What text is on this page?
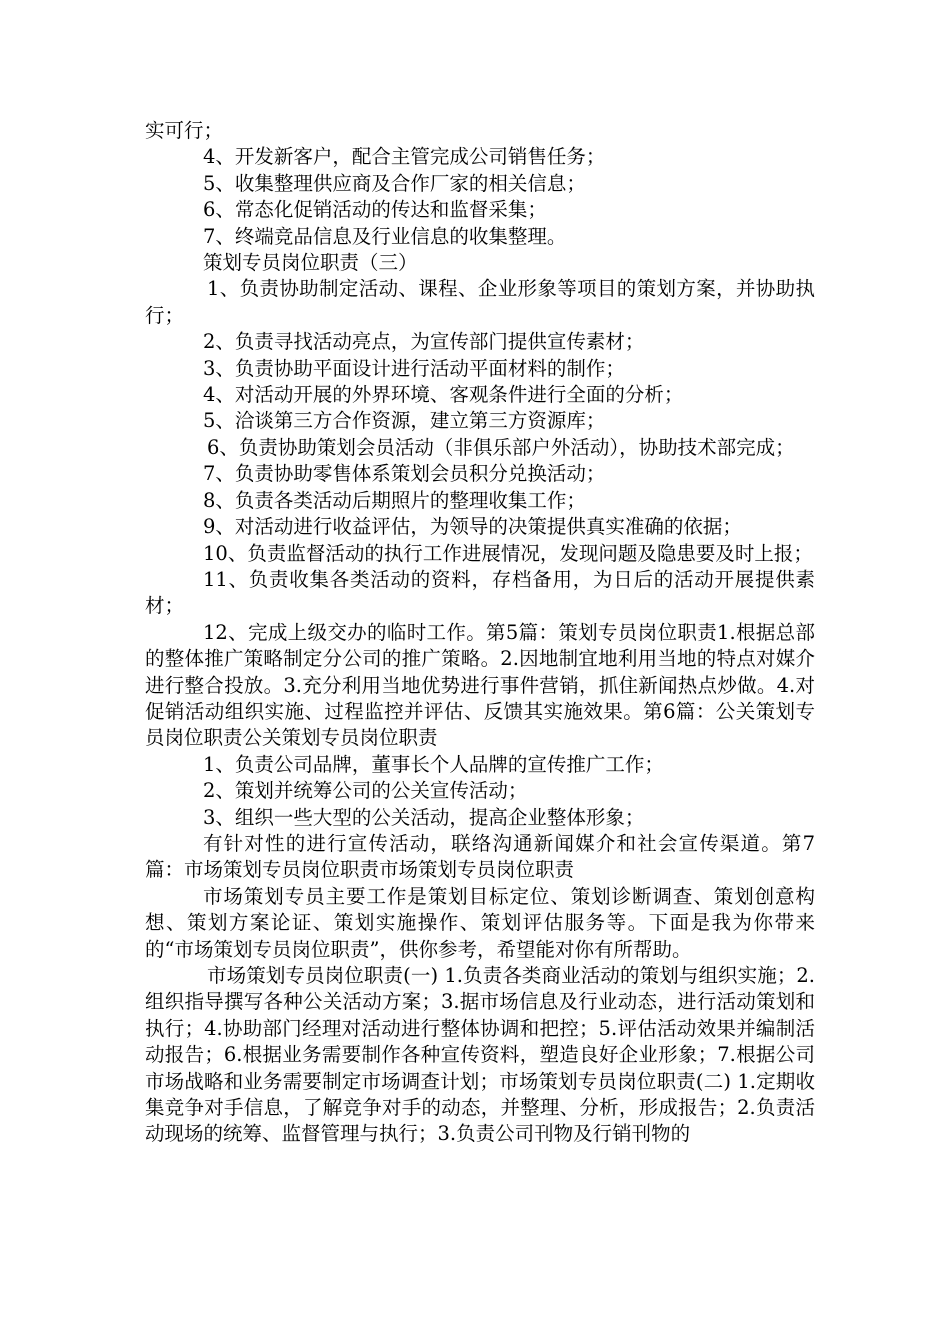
实可行；

4、开发新客户，配合主管完成公司销售任务；

5、收集整理供应商及合作厂家的相关信息；

6、常态化促销活动的传达和监督采集；

7、终端竞品信息及行业信息的收集整理。

策划专员岗位职责（三）

1、负责协助制定活动、课程、企业形象等项目的策划方案，并协助执行；

2、负责寻找活动亮点，为宣传部门提供宣传素材；

3、负责协助平面设计进行活动平面材料的制作；

4、对活动开展的外界环境、客观条件进行全面的分析；

5、洽谈第三方合作资源，建立第三方资源库；

6、负责协助策划会员活动（非俱乐部户外活动），协助技术部完成；

7、负责协助零售体系策划会员积分兑换活动；

8、负责各类活动后期照片的整理收集工作；

9、对活动进行收益评估，为领导的决策提供真实准确的依据；

10、负责监督活动的执行工作进展情况，发现问题及隐患要及时上报；

11、负责收集各类活动的资料，存档备用，为日后的活动开展提供素材；

12、完成上级交办的临时工作。第5篇：策划专员岗位职责1.根据总部的整体推广策略制定分公司的推广策略。2.因地制宜地利用当地的特点对媒介进行整合投放。3.充分利用当地优势进行事件营销，抓住新闻热点炒做。4.对促销活动组织实施、过程监控并评估、反馈其实施效果。第6篇：公关策划专员岗位职责公关策划专员岗位职责

1、负责公司品牌，董事长个人品牌的宣传推广工作；

2、策划并统筹公司的公关宣传活动；

3、组织一些大型的公关活动，提高企业整体形象；

有针对性的进行宣传活动，联络沟通新闻媒介和社会宣传渠道。第7篇：市场策划专员岗位职责市场策划专员岗位职责

市场策划专员主要工作是策划目标定位、策划诊断调查、策划创意构想、策划方案论证、策划实施操作、策划评估服务等。下面是我为你带来的“市场策划专员岗位职责”，供你参考，希望能对你有所帮助。

市场策划专员岗位职责(一) 1.负责各类商业活动的策划与组织实施；2.组织指导撰写各种公关活动方案；3.据市场信息及行业动态，进行活动策划和执行；4.协助部门经理对活动进行整体协调和把控；5.评估活动效果并编制活动报告；6.根据业务需要制作各种宣传资料，塑造良好企业形象；7.根据公司市场战略和业务需要制定市场调查计划；市场策划专员岗位职责(二) 1.定期收集竞争对手信息，了解竞争对手的动态，并整理、分析，形成报告；2.负责活动现场的统筹、监督管理与执行；3.负责公司刊物及行销刊物的
